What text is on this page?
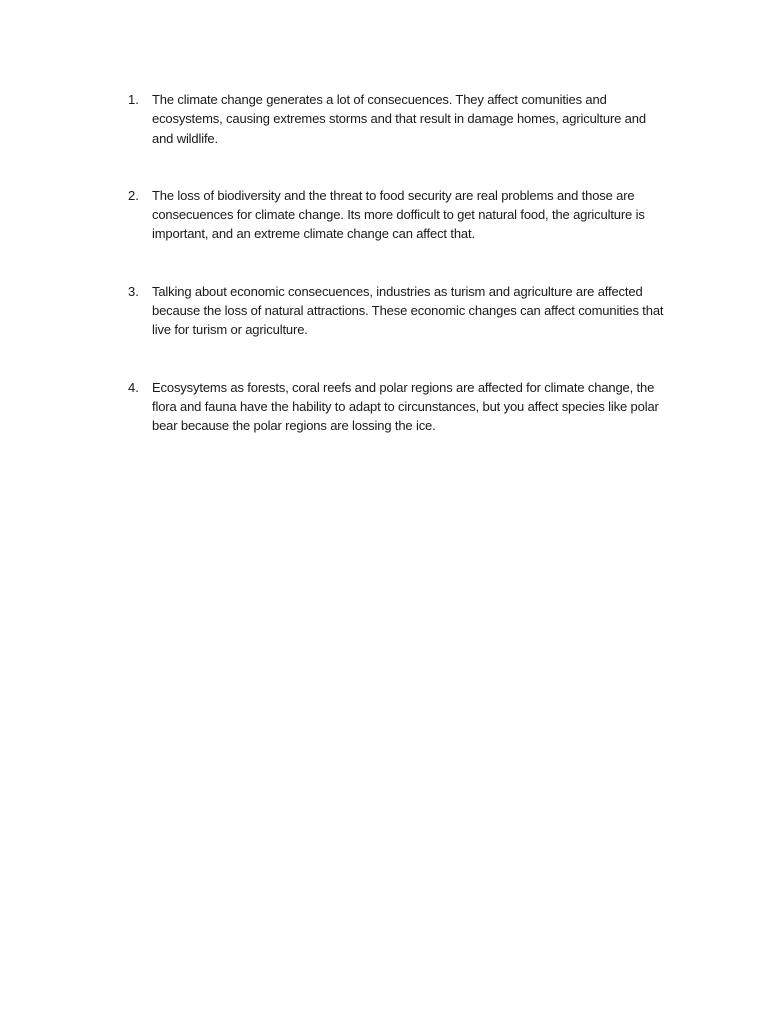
1.	The climate change generates a lot of consecuences. They affect comunities and ecosystems, causing extremes storms and that result in damage homes, agriculture and and wildlife.
2.	The loss of biodiversity and the threat to food security are real problems and those are consecuences for climate change. Its more dofficult to get natural food, the agriculture is important, and an extreme climate change can affect that.
3.	Talking about economic consecuences, industries as turism and agriculture are affected because the loss of natural attractions. These economic changes can affect comunities that live for turism or agriculture.
4.	Ecosysytems as forests, coral reefs and polar regions are affected for climate change, the flora and fauna have the hability to adapt to circunstances, but you affect species like polar bear because the polar regions are lossing the ice.
